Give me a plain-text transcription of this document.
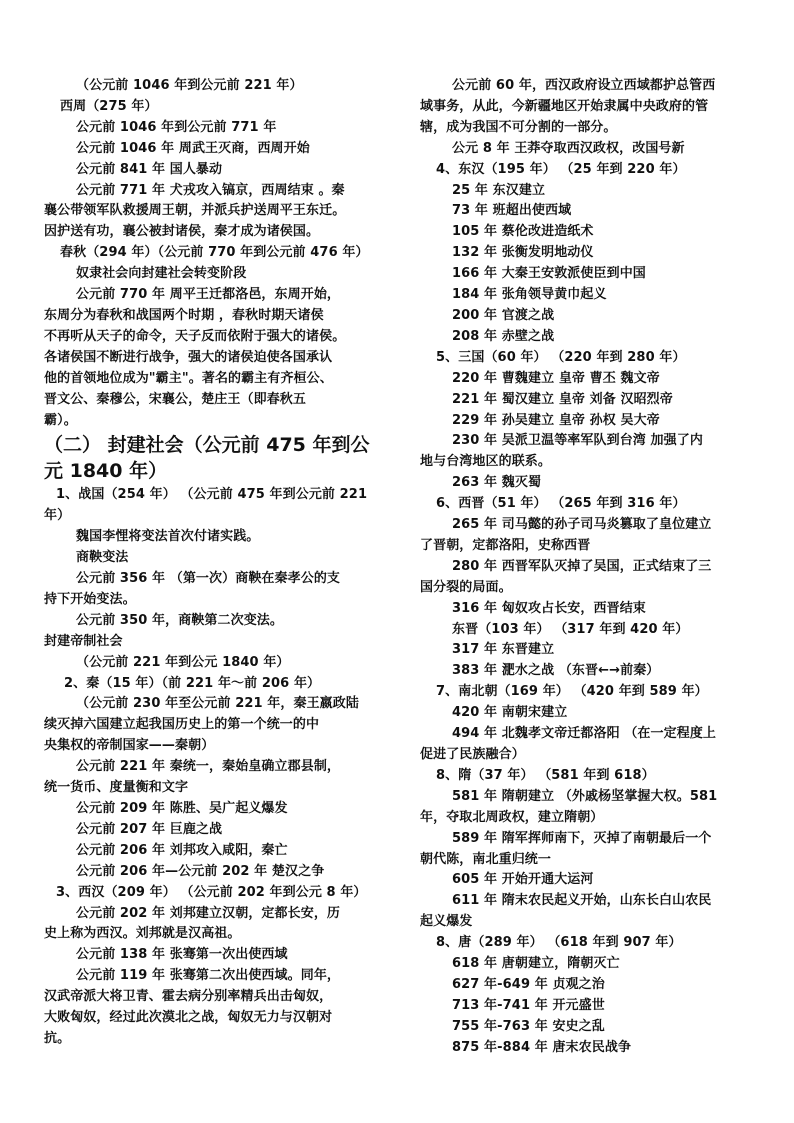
（公元前 1046 年到公元前 221 年）
西周（275 年）
公元前 1046 年到公元前 771 年
公元前 1046 年 周武王灭商，西周开始
公元前 841 年 国人暴动
公元前 771 年 犬戎攻入镐京，西周结束 。秦
襄公带领军队救援周王朝，并派兵护送周平王东迁。
因护送有功，襄公被封诸侯，秦才成为诸侯国。
春秋（294 年）（公元前 770 年到公元前 476 年）
奴隶社会向封建社会转变阶段
公元前 770 年 周平王迁都洛邑，东周开始，
东周分为春秋和战国两个时期 ，春秋时期天诸侯
不再听从天子的命令，天子反而依附于强大的诸侯。
各诸侯国不断进行战争，强大的诸侯迫使各国承认
他的首领地位成为"霸主"。著名的霸主有齐桓公、
晋文公、秦穆公，宋襄公，楚庄王（即春秋五
霸）。
（二） 封建社会（公元前 475 年到公
元 1840 年）
1、战国（254 年） （公元前 475 年到公元前 221
年）
魏国李悝将变法首次付诸实践。
商鞅变法
公元前 356 年 （第一次）商鞅在秦孝公的支
持下开始变法。
公元前 350 年，商鞅第二次变法。
封建帝制社会
（公元前 221 年到公元 1840 年）
2、秦（15 年）（前 221 年～前 206 年）
（公元前 230 年至公元前 221 年，秦王嬴政陆
续灭掉六国建立起我国历史上的第一个统一的中
央集权的帝制国家——秦朝）
公元前 221 年 秦统一，秦始皇确立郡县制，
统一货币、度量衡和文字
公元前 209 年 陈胜、吴广起义爆发
公元前 207 年 巨鹿之战
公元前 206 年 刘邦攻入咸阳，秦亡
公元前 206 年—公元前 202 年 楚汉之争
3、西汉（209 年） （公元前 202 年到公元 8 年）
公元前 202 年 刘邦建立汉朝，定都长安，历
史上称为西汉。刘邦就是汉高祖。
公元前 138 年 张骞第一次出使西域
公元前 119 年 张骞第二次出使西域。同年，
汉武帝派大将卫青、霍去病分别率精兵出击匈奴，
大败匈奴，经过此次漠北之战，匈奴无力与汉朝对
抗。
公元前 60 年，西汉政府设立西域都护总管西
域事务，从此，今新疆地区开始隶属中央政府的管
辖，成为我国不可分割的一部分。
公元 8 年 王莽夺取西汉政权，改国号新
4、东汉（195 年） （25 年到 220 年）
25 年 东汉建立
73 年 班超出使西域
105 年 蔡伦改进造纸术
132 年 张衡发明地动仪
166 年 大秦王安敦派使臣到中国
184 年 张角领导黄巾起义
200 年 官渡之战
208 年 赤壁之战
5、三国（60 年） （220 年到 280 年）
220 年 曹魏建立 皇帝 曹丕 魏文帝
221 年 蜀汉建立 皇帝 刘备 汉昭烈帝
229 年 孙吴建立 皇帝 孙权 吴大帝
230 年 吴派卫温等率军队到台湾 加强了内
地与台湾地区的联系。
263 年 魏灭蜀
6、西晋（51 年） （265 年到 316 年）
265 年 司马懿的孙子司马炎篡取了皇位建立
了晋朝，定都洛阳，史称西晋
280 年 西晋军队灭掉了吴国，正式结束了三
国分裂的局面。
316 年 匈奴攻占长安，西晋结束
东晋（103 年） （317 年到 420 年）
317 年 东晋建立
383 年 淝水之战 （东晋←→前秦）
7、南北朝（169 年） （420 年到 589 年）
420 年 南朝宋建立
494 年 北魏孝文帝迁都洛阳 （在一定程度上
促进了民族融合）
8、隋（37 年） （581 年到 618）
581 年 隋朝建立 （外戚杨坚掌握大权。581
年，夺取北周政权，建立隋朝）
589 年 隋军挥师南下，灭掉了南朝最后一个
朝代陈，南北重归统一
605 年 开始开通大运河
611 年 隋末农民起义开始，山东长白山农民
起义爆发
8、唐（289 年） （618 年到 907 年）
618 年 唐朝建立，隋朝灭亡
627 年-649 年 贞观之治
713 年-741 年 开元盛世
755 年-763 年 安史之乱
875 年-884 年 唐末农民战争
